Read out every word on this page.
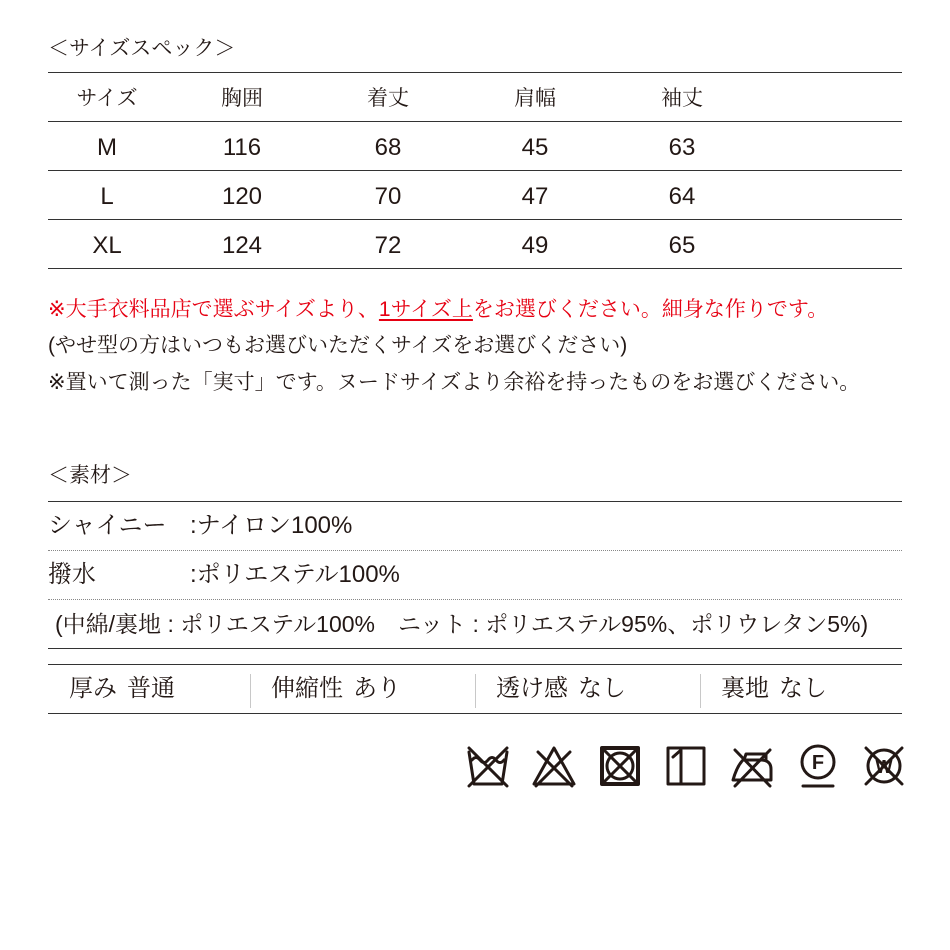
＜サイズスペック＞
サイズ	胸囲	着丈	肩幅	袖丈
M	116	68	45	63
L	120	70	47	64
XL	124	72	49	65
※大手衣料品店で選ぶサイズより、1サイズ上をお選びください。細身な作りです。
(やせ型の方はいつもお選びいただくサイズをお選びください)
※置いて測った「実寸」です。ヌードサイズより余裕を持ったものをお選びください。
＜素材＞
シャイニー :ナイロン100%
撥水	:ポリエステル100%
(中綿/裏地 : ポリエステル100%　ニット : ポリエステル95%、ポリウレタン5%)
厚み 普通	伸縮性 あり	透け感 なし	裏地 なし
F	W
